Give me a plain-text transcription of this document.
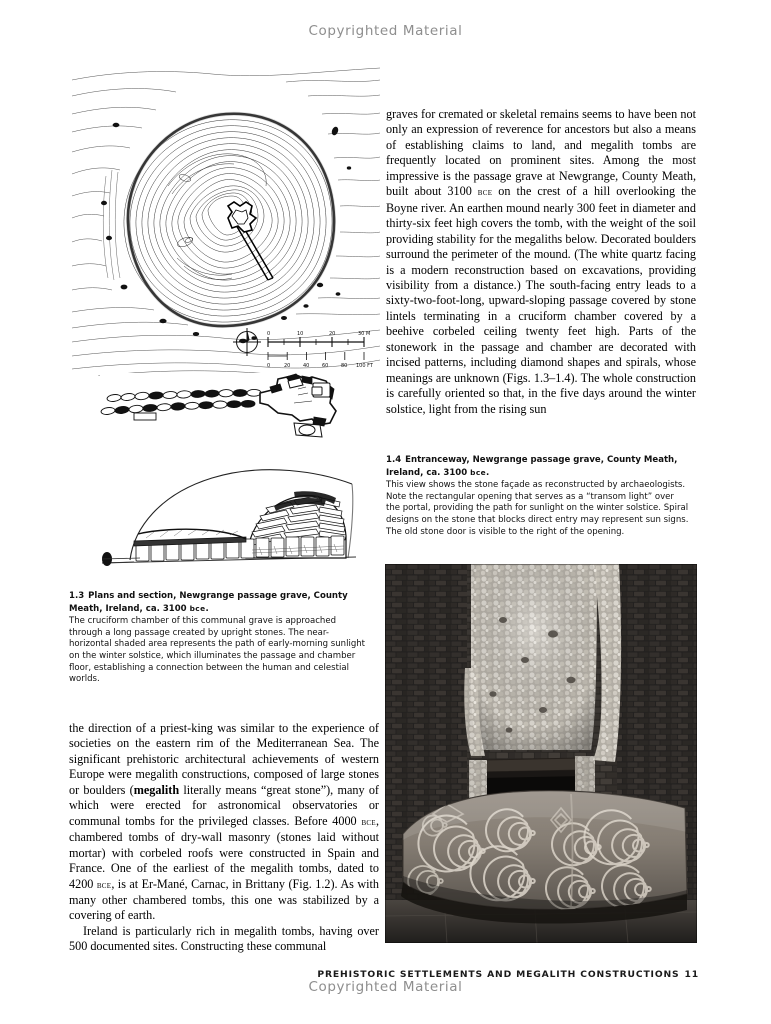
Copyrighted Material
0	10	20	30 M
0	20	40	60	80 100 FT

graves for cremated or skeletal remains seems to have been not only an expression of reverence for ancestors but also a means of establishing claims to land, and megalith tombs are frequently located on prominent sites. Among the most impressive is the passage grave at Newgrange, County Meath, built about 3100 bce on the crest of a hill overlooking the Boyne river. An earthen mound nearly 300 feet in diameter and thirty-six feet high covers the tomb, with the weight of the soil providing stability for the megaliths below. Decorated boulders surround the perimeter of the mound. (The white quartz facing is a modern reconstruction based on excavations, providing visibility from a distance.) The south-facing entry leads to a sixty-two-foot-long, upward-sloping passage covered by stone lintels terminating in a cruciform chamber covered by a beehive corbeled ceiling twenty feet high. Parts of the stonework in the passage and chamber are decorated with incised patterns, including diamond shapes and spirals, whose meanings are unknown (Figs. 1.3–1.4). The whole construction is carefully oriented so that, in the five days around the winter solstice, light from the rising sun

1.4 Entranceway, Newgrange passage grave, County Meath, Ireland, ca. 3100 bce.
This view shows the stone façade as reconstructed by archaeologists. Note the rectangular opening that serves as a “transom light” over the portal, providing the path for sunlight on the winter solstice. Spiral designs on the stone that blocks direct entry may represent sun signs. The old stone door is visible to the right of the opening.
1.3 Plans and section, Newgrange passage grave, County Meath, Ireland, ca. 3100 bce.
The cruciform chamber of this communal grave is approached through a long passage created by upright stones. The near-horizontal shaded area represents the path of early-morning sunlight on the winter solstice, which illuminates the passage and chamber floor, establishing a connection between the human and celestial worlds.

the direction of a priest-king was similar to the experience of societies on the eastern rim of the Mediterranean Sea. The significant prehistoric architectural achievements of western Europe were megalith constructions, composed of large stones or boulders (megalith literally means “great stone”), many of which were erected for astronomical observatories or communal tombs for the privileged classes. Before 4000 bce, chambered tombs of dry-wall masonry (stones laid without mortar) with corbeled roofs were constructed in Spain and France. One of the earliest of the megalith tombs, dated to 4200 bce, is at Er-Mané, Carnac, in Brittany (Fig. 1.2). As with many other chambered tombs, this one was stabilized by a covering of earth.

Ireland is particularly rich in megalith tombs, having over 500 documented sites. Constructing these communal

PREHISTORIC SETTLEMENTS AND MEGALITH CONSTRUCTIONS 11
Copyrighted Material
